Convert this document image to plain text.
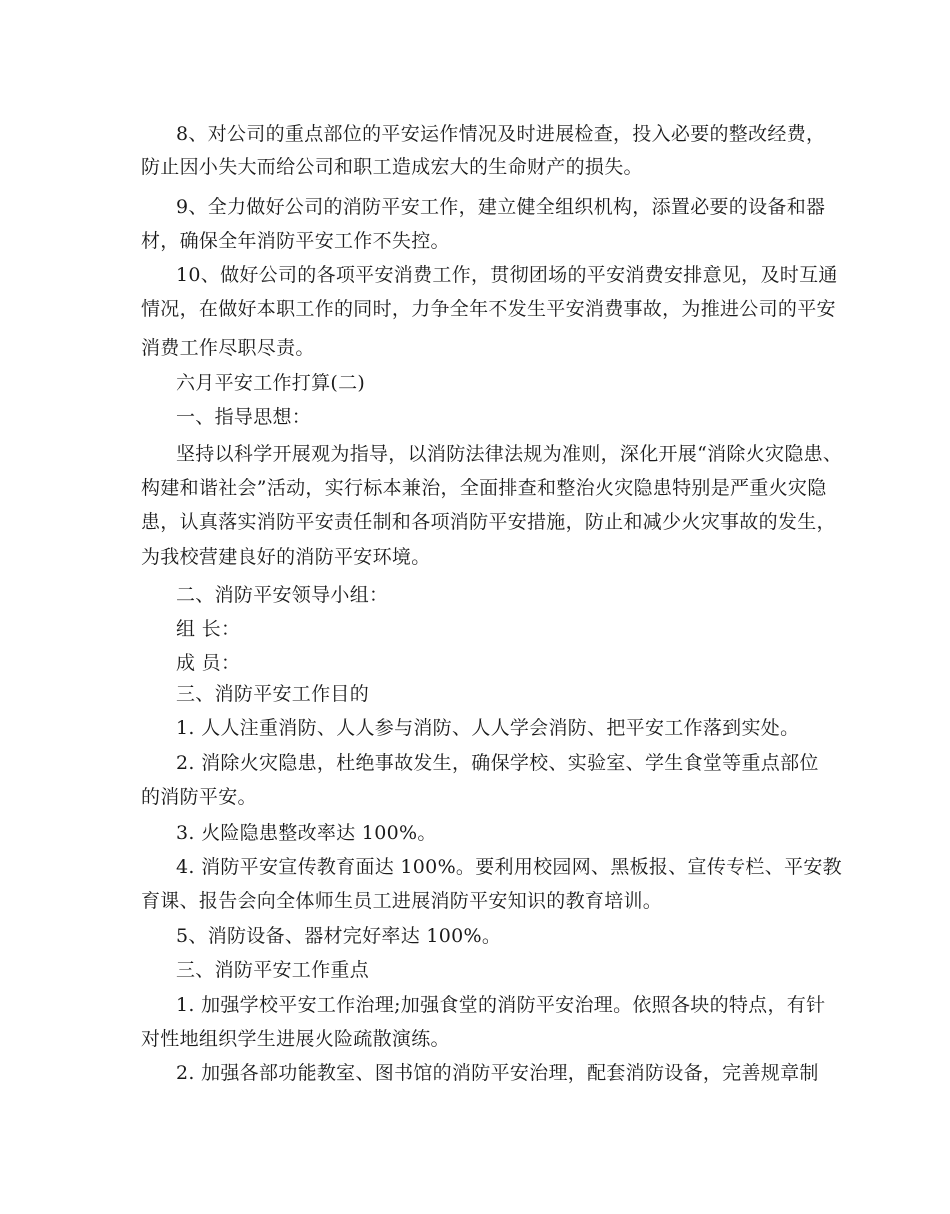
8、对公司的重点部位的平安运作情况及时进展检查，投入必要的整改经费，
防止因小失大而给公司和职工造成宏大的生命财产的损失。
9、全力做好公司的消防平安工作，建立健全组织机构，添置必要的设备和器
材，确保全年消防平安工作不失控。
10、做好公司的各项平安消费工作，贯彻团场的平安消费安排意见，及时互通
情况，在做好本职工作的同时，力争全年不发生平安消费事故，为推进公司的平安
消费工作尽职尽责。
六月平安工作打算(二)
一、指导思想：
坚持以科学开展观为指导，以消防法律法规为准则，深化开展“消除火灾隐患、
构建和谐社会”活动，实行标本兼治，全面排查和整治火灾隐患特别是严重火灾隐
患，认真落实消防平安责任制和各项消防平安措施，防止和减少火灾事故的发生，
为我校营建良好的消防平安环境。
二、消防平安领导小组：
组 长：
成 员：
三、消防平安工作目的
1. 人人注重消防、人人参与消防、人人学会消防、把平安工作落到实处。
2. 消除火灾隐患，杜绝事故发生，确保学校、实验室、学生食堂等重点部位
的消防平安。
3. 火险隐患整改率达 100%。
4. 消防平安宣传教育面达 100%。要利用校园网、黑板报、宣传专栏、平安教
育课、报告会向全体师生员工进展消防平安知识的教育培训。
5、消防设备、器材完好率达 100%。
三、消防平安工作重点
1. 加强学校平安工作治理;加强食堂的消防平安治理。依照各块的特点，有针
对性地组织学生进展火险疏散演练。
2. 加强各部功能教室、图书馆的消防平安治理，配套消防设备，完善规章制
